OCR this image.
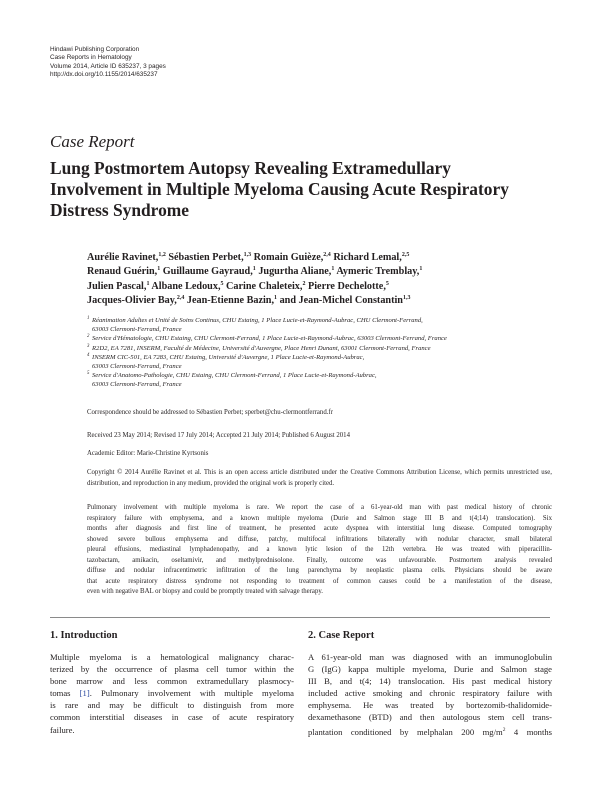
Hindawi Publishing Corporation
Case Reports in Hematology
Volume 2014, Article ID 635237, 3 pages
http://dx.doi.org/10.1155/2014/635237
Case Report
Lung Postmortem Autopsy Revealing Extramedullary
Involvement in Multiple Myeloma Causing Acute Respiratory
Distress Syndrome
Aurélie Ravinet,$^{1,2}$ Sébastien Perbet,$^{1,3}$ Romain Guièze,$^{2,4}$ Richard Lemal,$^{2,5}$
Renaud Guérin,$^1$ Guillaume Gayraud,$^1$ Jugurtha Aliane,$^1$ Aymeric Tremblay,$^1$
Julien Pascal,$^1$ Albane Ledoux,$^5$ Carine Chaleteix,$^2$ Pierre Dechelotte,$^5$
Jacques-Olivier Bay,$^{2,4}$ Jean-Etienne Bazin,$^1$ and Jean-Michel Constantin$^{1,3}$
1 Réanimation Adultes et Unité de Soins Continus, CHU Estaing, 1 Place Lucie-et-Raymond-Aubrac, CHU Clermont-Ferrand,
63003 Clermont-Ferrand, France
2 Service d'Hématologie, CHU Estaing, CHU Clermont-Ferrand, 1 Place Lucie-et-Raymond-Aubrac, 63003 Clermont-Ferrand, France
3 R2D2, EA 7281, INSERM, Faculté de Médecine, Université d'Auvergne, Place Henri Dunant, 63001 Clermont-Ferrand, France
4 INSERM CIC-501, EA 7283, CHU Estaing, Université d'Auvergne, 1 Place Lucie-et-Raymond-Aubrac,
63003 Clermont-Ferrand, France
5 Service d'Anatomo-Pathologie, CHU Estaing, CHU Clermont-Ferrand, 1 Place Lucie-et-Raymond-Aubrac,
63003 Clermont-Ferrand, France
Correspondence should be addressed to Sébastien Perbet; sperbet@chu-clermontferrand.fr
Received 23 May 2014; Revised 17 July 2014; Accepted 21 July 2014; Published 6 August 2014
Academic Editor: Marie-Christine Kyrtsonis
Copyright © 2014 Aurélie Ravinet et al. This is an open access article distributed under the Creative Commons Attribution License, which permits unrestricted use, distribution, and reproduction in any medium, provided the original work is properly cited.
Pulmonary involvement with multiple myeloma is rare. We report the case of a 61-year-old man with past medical history of chronic
respiratory failure with emphysema, and a known multiple myeloma (Durie and Salmon stage III B and t(4;14) translocation). Six
months after diagnosis and first line of treatment, he presented acute dyspnea with interstitial lung disease. Computed tomography
showed severe bullous emphysema and diffuse, patchy, multifocal infiltrations bilaterally with nodular character, small bilateral
pleural effusions, mediastinal lymphadenopathy, and a known lytic lesion of the 12th vertebra. He was treated with piperacillin-
tazobactam, amikacin, oseltamivir, and methylprednisolone. Finally, outcome was unfavourable. Postmortem analysis revealed
diffuse and nodular infracentimetric infiltration of the lung parenchyma by neoplastic plasma cells. Physicians should be aware
that acute respiratory distress syndrome not responding to treatment of common causes could be a manifestation of the disease,
even with negative BAL or biopsy and could be promptly treated with salvage therapy.
1. Introduction
Multiple myeloma is a hematological malignancy charac-
terized by the occurrence of plasma cell tumor within the
bone marrow and less common extramedullary plasmocy-
tomas [1]. Pulmonary involvement with multiple myeloma
is rare and may be difficult to distinguish from more
common interstitial diseases in case of acute respiratory
failure.
2. Case Report
A 61-year-old man was diagnosed with an immunoglobulin
G (IgG) kappa multiple myeloma, Durie and Salmon stage
III B, and t(4; 14) translocation. His past medical history
included active smoking and chronic respiratory failure with
emphysema. He was treated by bortezomib-thalidomide-
dexamethasone (BTD) and then autologous stem cell trans-
plantation conditioned by melphalan 200 $mg/m^2$ 4 months
